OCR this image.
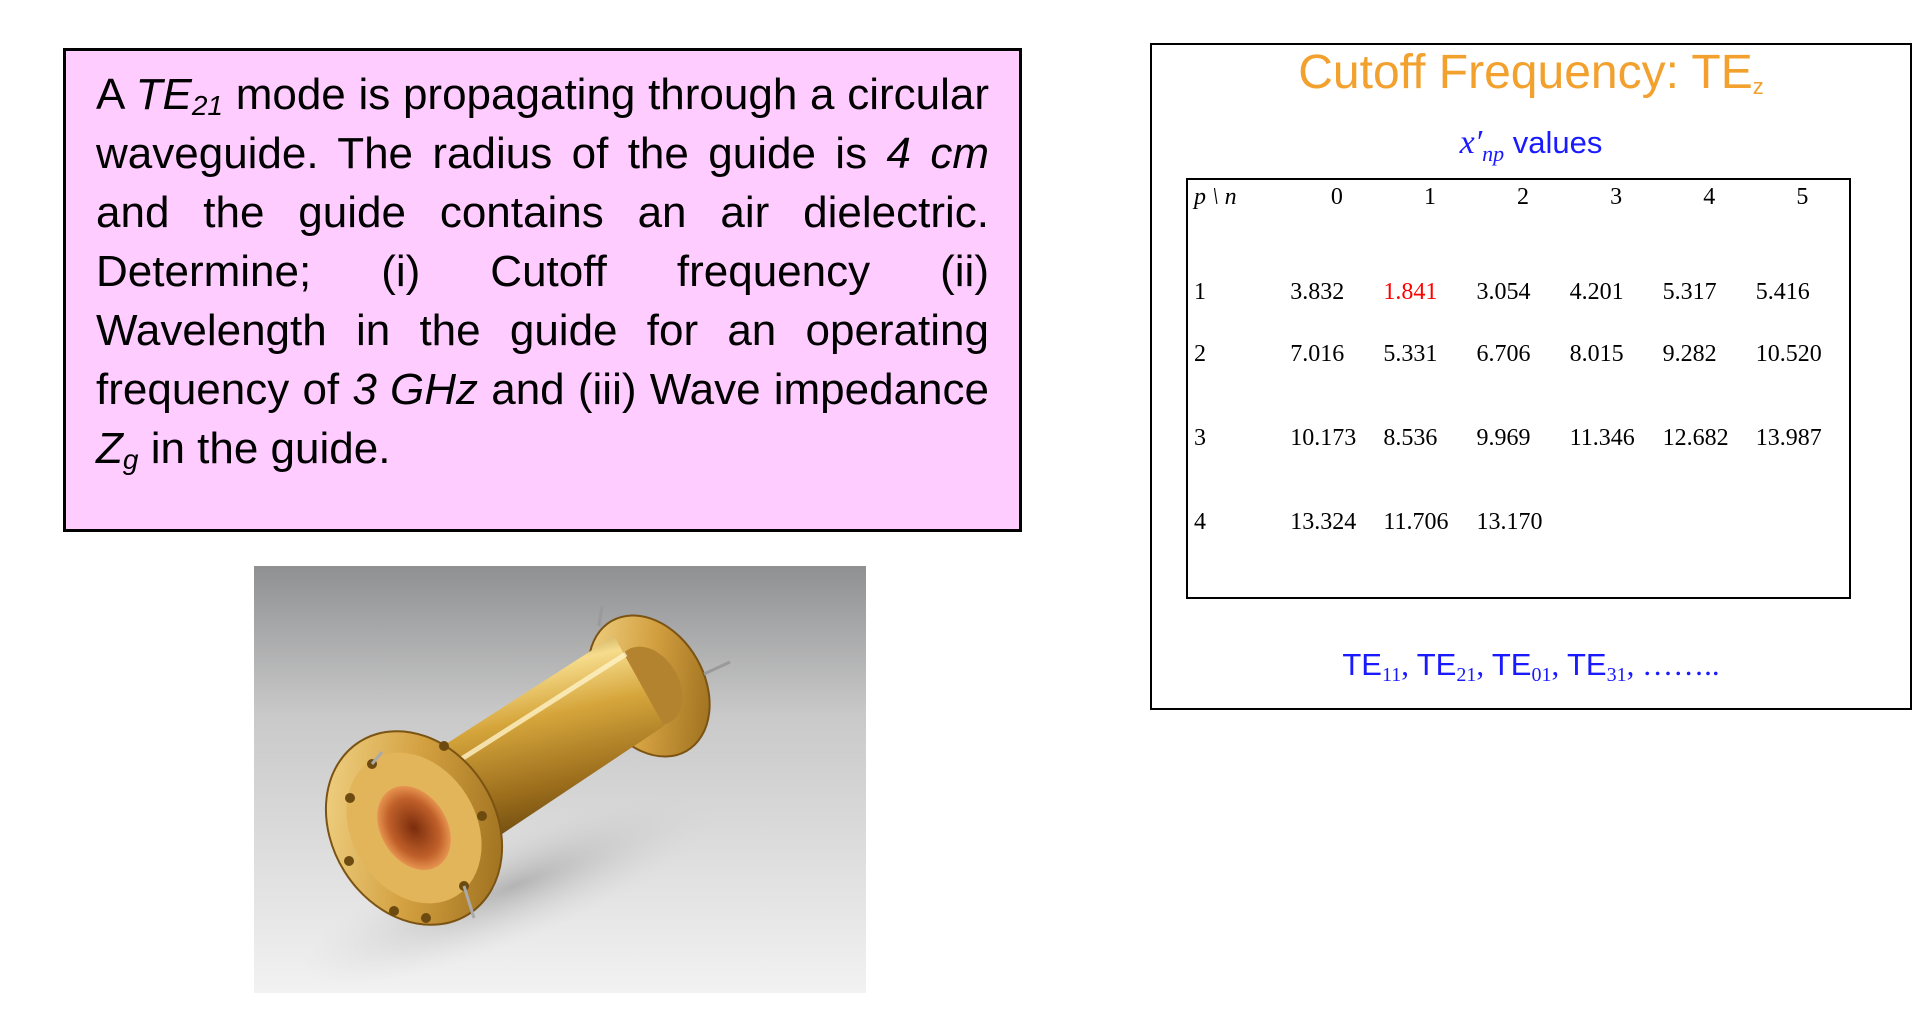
A $TE_{21}$ mode is propagating through a circular waveguide. The radius of the guide is 4 cm and the guide contains an air dielectric. Determine; (i) Cutoff frequency (ii) Wavelength in the guide for an operating frequency of 3 GHz and (iii) Wave impedance $Z_g$ in the guide.

Cutoff Frequency: $TE_z$
$x'_{np}$ values
p \ n	0	1	2	3	4	5
1	3.832	1.841	3.054	4.201	5.317	5.416
2	7.016	5.331	6.706	8.015	9.282	10.520
3	10.173	8.536	9.969	11.346	12.682	13.987
4	13.324	11.706	13.170			
$TE_{11}$, $TE_{21}$, $TE_{01}$, $TE_{31}$, ……..
